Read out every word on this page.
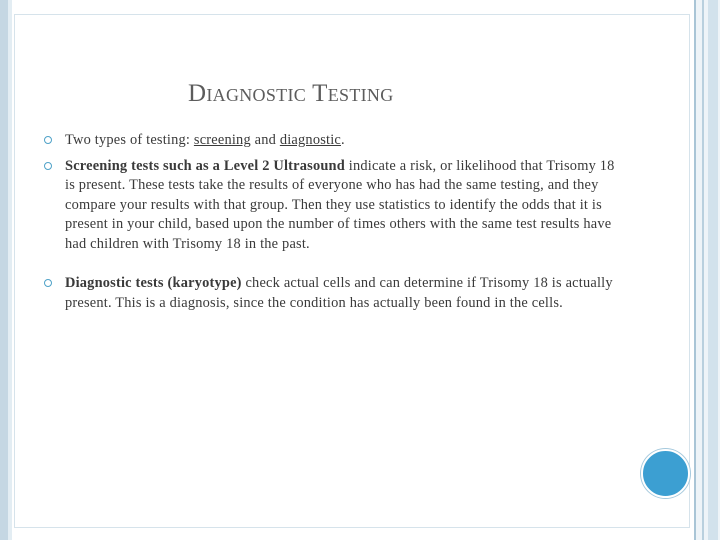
Diagnostic Testing
Two types of testing: screening and diagnostic.
Screening tests such as a Level 2 Ultrasound indicate a risk, or likelihood that Trisomy 18 is present. These tests take the results of everyone who has had the same testing, and they compare your results with that group. Then they use statistics to identify the odds that it is present in your child, based upon the number of times others with the same test results have had children with Trisomy 18 in the past.
Diagnostic tests (karyotype) check actual cells and can determine if Trisomy 18 is actually present. This is a diagnosis, since the condition has actually been found in the cells.
